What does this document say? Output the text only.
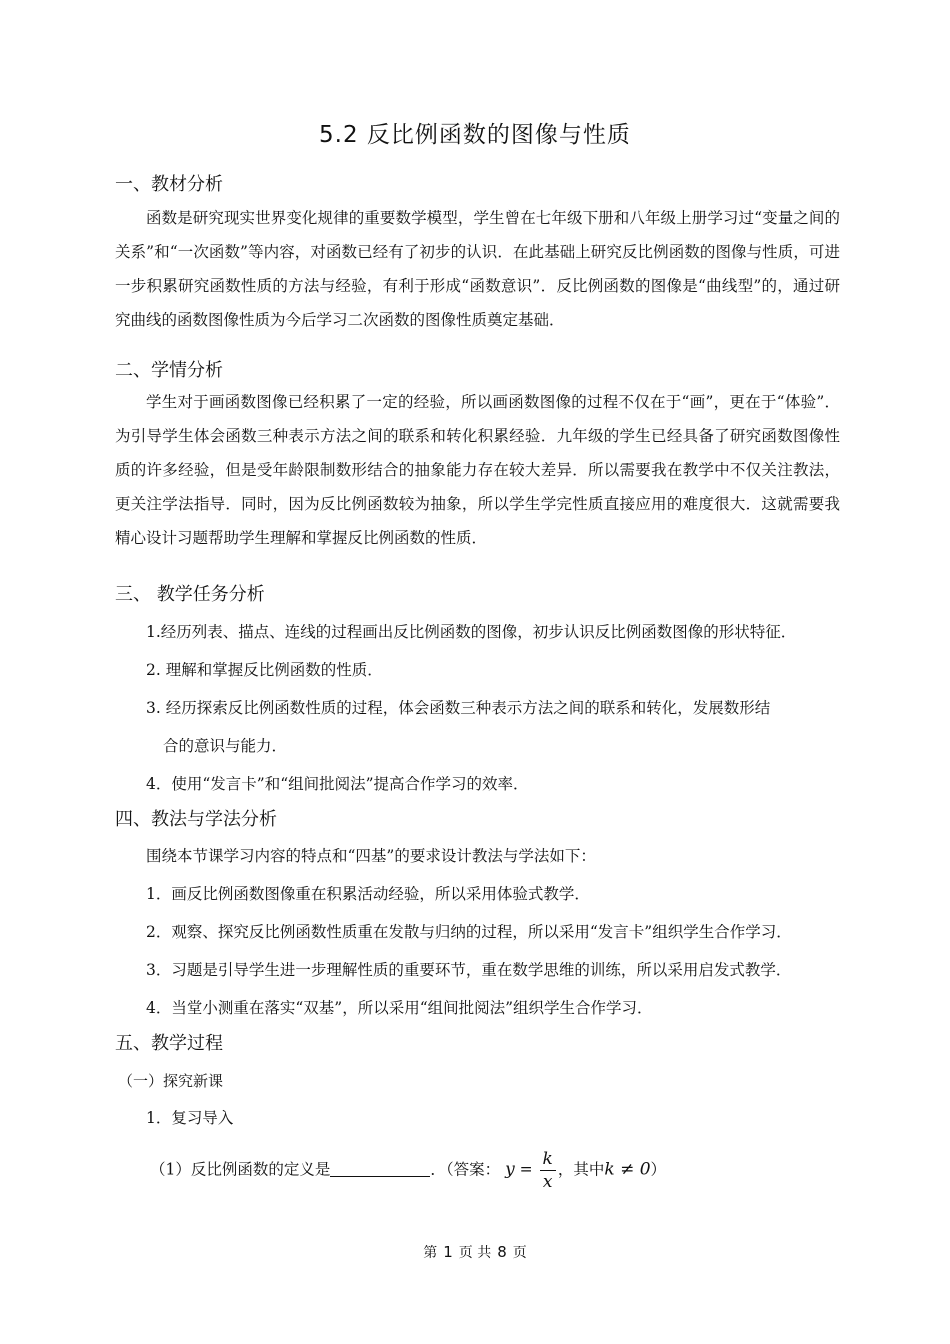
5.2 反比例函数的图像与性质
一、教材分析
函数是研究现实世界变化规律的重要数学模型，学生曾在七年级下册和八年级上册学习过“变量之间的关系”和“一次函数”等内容，对函数已经有了初步的认识．在此基础上研究反比例函数的图像与性质，可进一步积累研究函数性质的方法与经验，有利于形成“函数意识”．反比例函数的图像是“曲线型”的，通过研究曲线的函数图像性质为今后学习二次函数的图像性质奠定基础．
二、学情分析
学生对于画函数图像已经积累了一定的经验，所以画函数图像的过程不仅在于“画”，更在于“体验”．为引导学生体会函数三种表示方法之间的联系和转化积累经验．九年级的学生已经具备了研究函数图像性质的许多经验，但是受年龄限制数形结合的抽象能力存在较大差异．所以需要我在教学中不仅关注教法，更关注学法指导．同时，因为反比例函数较为抽象，所以学生学完性质直接应用的难度很大．这就需要我精心设计习题帮助学生理解和掌握反比例函数的性质．
三、 教学任务分析
1.经历列表、描点、连线的过程画出反比例函数的图像，初步认识反比例函数图像的形状特征．
2. 理解和掌握反比例函数的性质．
3. 经历探索反比例函数性质的过程，体会函数三种表示方法之间的联系和转化，发展数形结
合的意识与能力．
4．使用“发言卡”和“组间批阅法”提高合作学习的效率．
四、教法与学法分析
围绕本节课学习内容的特点和“四基”的要求设计教法与学法如下：
1．画反比例函数图像重在积累活动经验，所以采用体验式教学．
2．观察、探究反比例函数性质重在发散与归纳的过程，所以采用“发言卡”组织学生合作学习．
3．习题是引导学生进一步理解性质的重要环节，重在数学思维的训练，所以采用启发式教学．
4．当堂小测重在落实“双基”，所以采用“组间批阅法”组织学生合作学习．
五、教学过程
（一）探究新课
1．复习导入
（1）反比例函数的定义是	．（答案： $y = \frac{k}{x}$ ，其中k ≠ 0）
第 1 页 共 8 页
